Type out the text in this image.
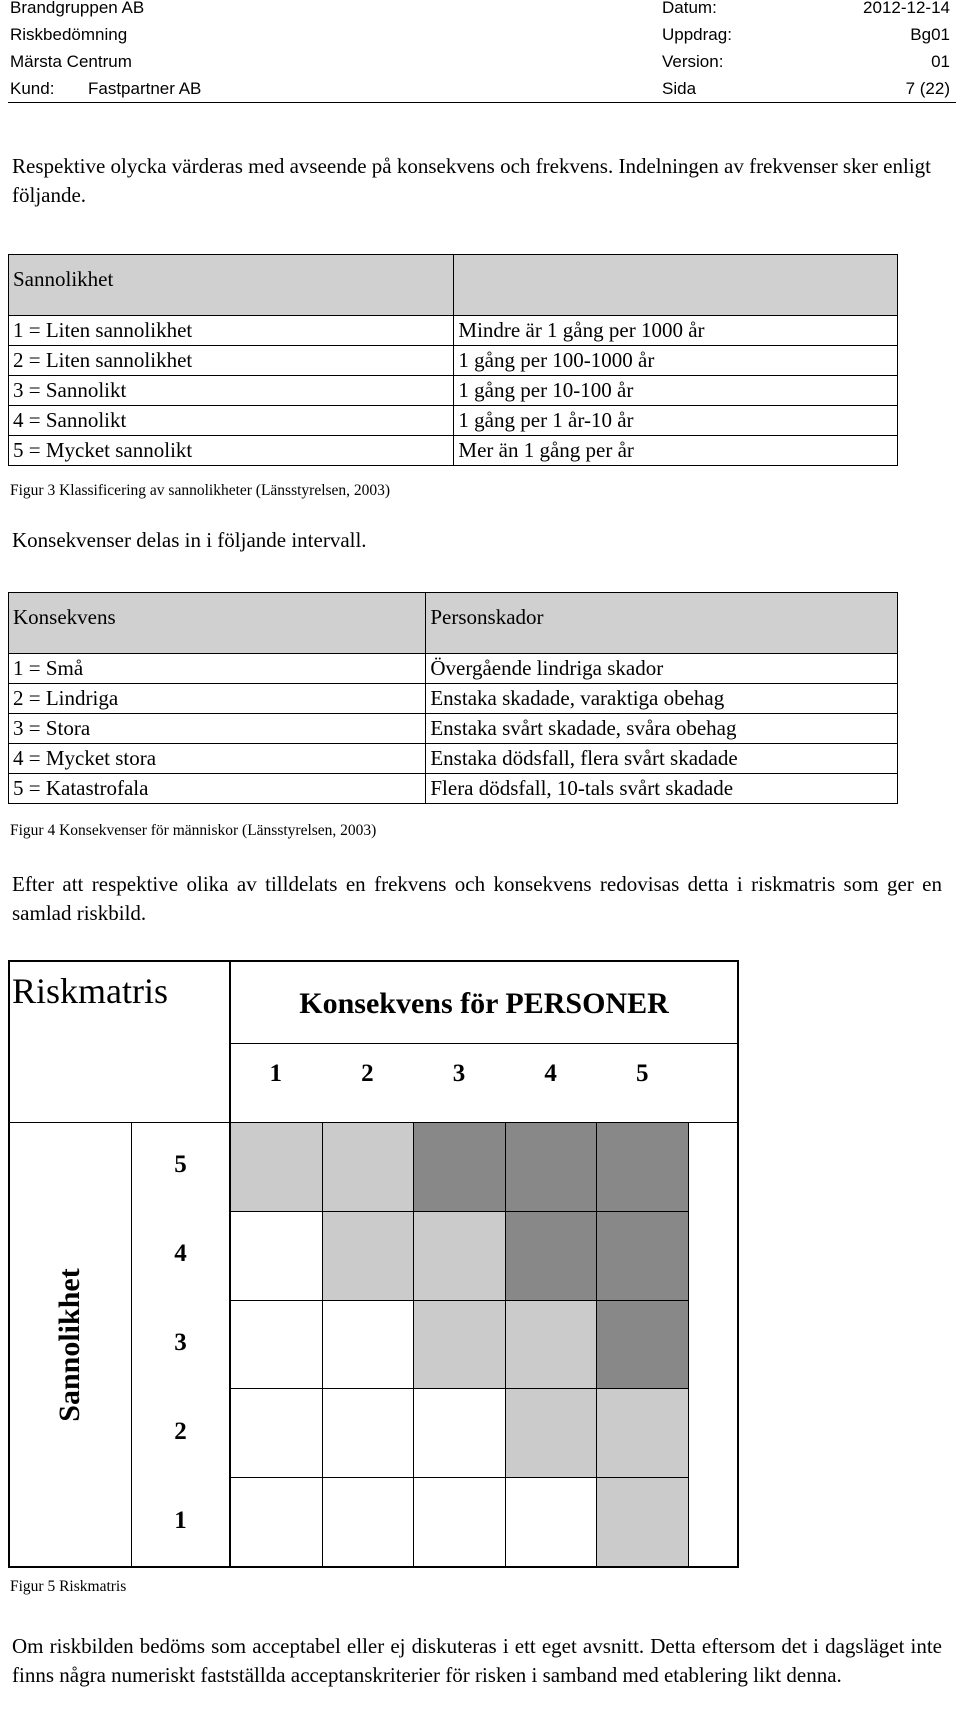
Brandgruppen AB
Riskbedömning
Märsta Centrum
Kund: Fastpartner AB
Datum:
Uppdrag:
Version:
Sida
2012-12-14
Bg01
01
7 (22)

Respektive olycka värderas med avseende på konsekvens och frekvens. Indelningen av frekvenser sker enligt följande.

Sannolikhet	
1 = Liten sannolikhet	Mindre är 1 gång per 1000 år
2 = Liten sannolikhet	1 gång per 100-1000 år
3 = Sannolikt	1 gång per 10-100 år
4 = Sannolikt	1 gång per 1 år-10 år
5 = Mycket sannolikt	Mer än 1 gång per år
Figur 3 Klassificering av sannolikheter (Länsstyrelsen, 2003)

Konsekvenser delas in i följande intervall.

Konsekvens	Personskador
1 = Små	Övergående lindriga skador
2 = Lindriga	Enstaka skadade, varaktiga obehag
3 = Stora	Enstaka svårt skadade, svåra obehag
4 = Mycket stora	Enstaka dödsfall, flera svårt skadade
5 = Katastrofala	Flera dödsfall, 10-tals svårt skadade
Figur 4 Konsekvenser för människor (Länsstyrelsen, 2003)

Efter att respektive olika av tilldelats en frekvens och konsekvens redovisas detta i riskmatris som ger en samlad riskbild.

Riskmatris	Konsekvens för PERSONER
Sannolikhet
1	2	3	4	5
5
4
3
2
1
Figur 5 Riskmatris

Om riskbilden bedöms som acceptabel eller ej diskuteras i ett eget avsnitt. Detta eftersom det i dagsläget inte finns några numeriskt fastställda acceptanskriterier för risken i samband med etablering likt denna.
